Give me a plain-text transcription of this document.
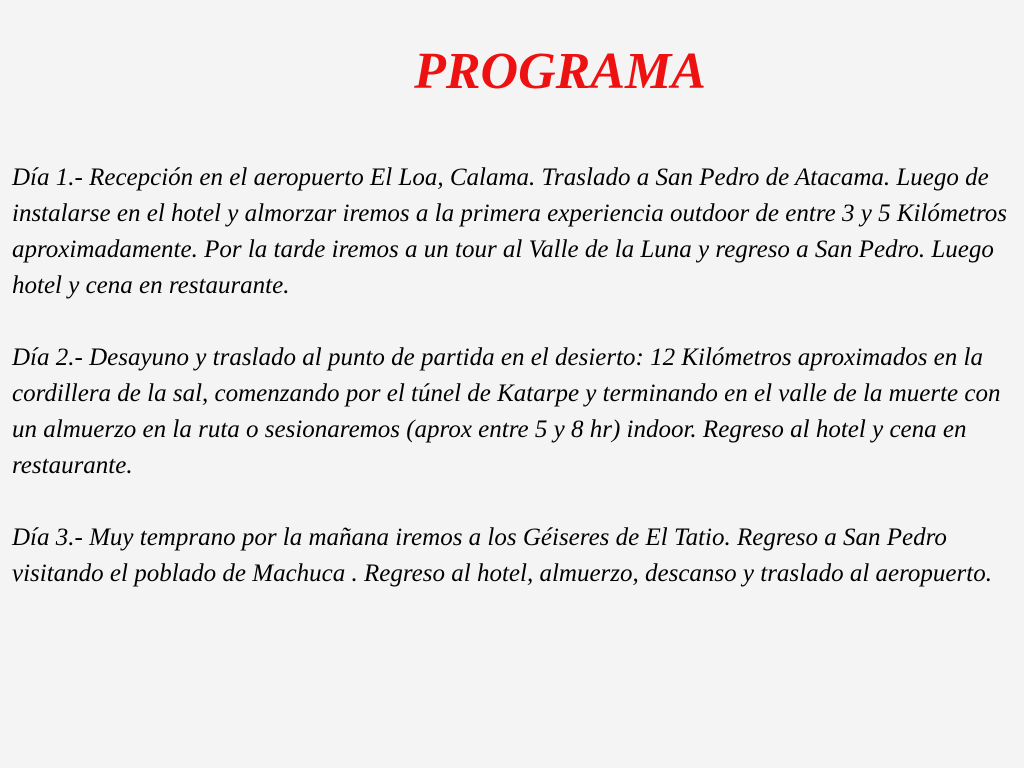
PROGRAMA

Día 1.- Recepción en el aeropuerto El Loa, Calama. Traslado a San Pedro de Atacama. Luego de instalarse en el hotel y almorzar iremos a la primera experiencia outdoor de entre 3 y 5 Kilómetros aproximadamente. Por la tarde iremos a un tour al Valle de la Luna y regreso a San Pedro. Luego hotel y cena en restaurante.

Día 2.- Desayuno y traslado al punto de partida en el desierto: 12 Kilómetros aproximados en la cordillera de la sal, comenzando por el túnel de Katarpe y terminando en el valle de la muerte con un almuerzo en la ruta o sesionaremos (aprox entre 5 y 8 hr) indoor. Regreso al hotel y cena en restaurante.

Día 3.- Muy temprano por la mañana iremos a los Géiseres de El Tatio. Regreso a San Pedro visitando el poblado de Machuca . Regreso al hotel, almuerzo, descanso y traslado al aeropuerto.
